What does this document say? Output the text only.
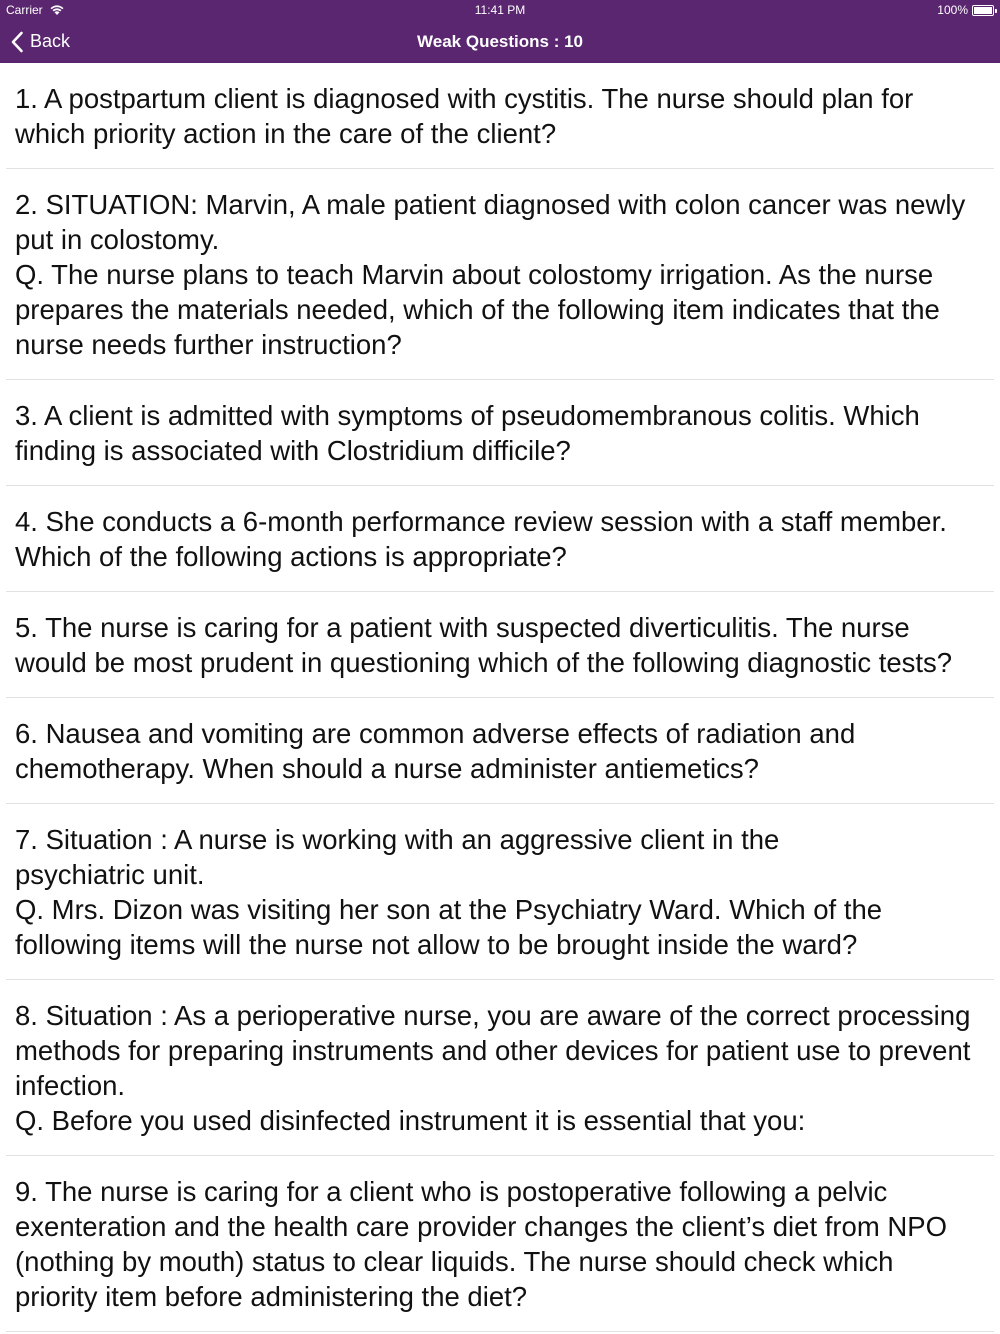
Carrier	11:41 PM	100%
Back	Weak Questions : 10
1. A postpartum client is diagnosed with cystitis. The nurse should plan for which priority action in the care of the client?
2. SITUATION: Marvin, A male patient diagnosed with colon cancer was newly put in colostomy.
Q. The nurse plans to teach Marvin about colostomy irrigation. As the nurse prepares the materials needed, which of the following item indicates that the nurse needs further instruction?
3. A client is admitted with symptoms of pseudomembranous colitis. Which finding is associated with Clostridium difficile?
4. She conducts a 6-month performance review session with a staff member. Which of the following actions is appropriate?
5. The nurse is caring for a patient with suspected diverticulitis. The nurse would be most prudent in questioning which of the following diagnostic tests?
6. Nausea and vomiting are common adverse effects of radiation and chemotherapy. When should a nurse administer antiemetics?
7. Situation : A nurse is working with an aggressive client in the
psychiatric unit.
Q. Mrs. Dizon was visiting her son at the Psychiatry Ward. Which of the following items will the nurse not allow to be brought inside the ward?
8. Situation : As a perioperative nurse, you are aware of the correct processing methods for preparing instruments and other devices for patient use to prevent infection.
Q. Before you used disinfected instrument it is essential that you:
9. The nurse is caring for a client who is postoperative following a pelvic exenteration and the health care provider changes the client’s diet from NPO (nothing by mouth) status to clear liquids. The nurse should check which priority item before administering the diet?
